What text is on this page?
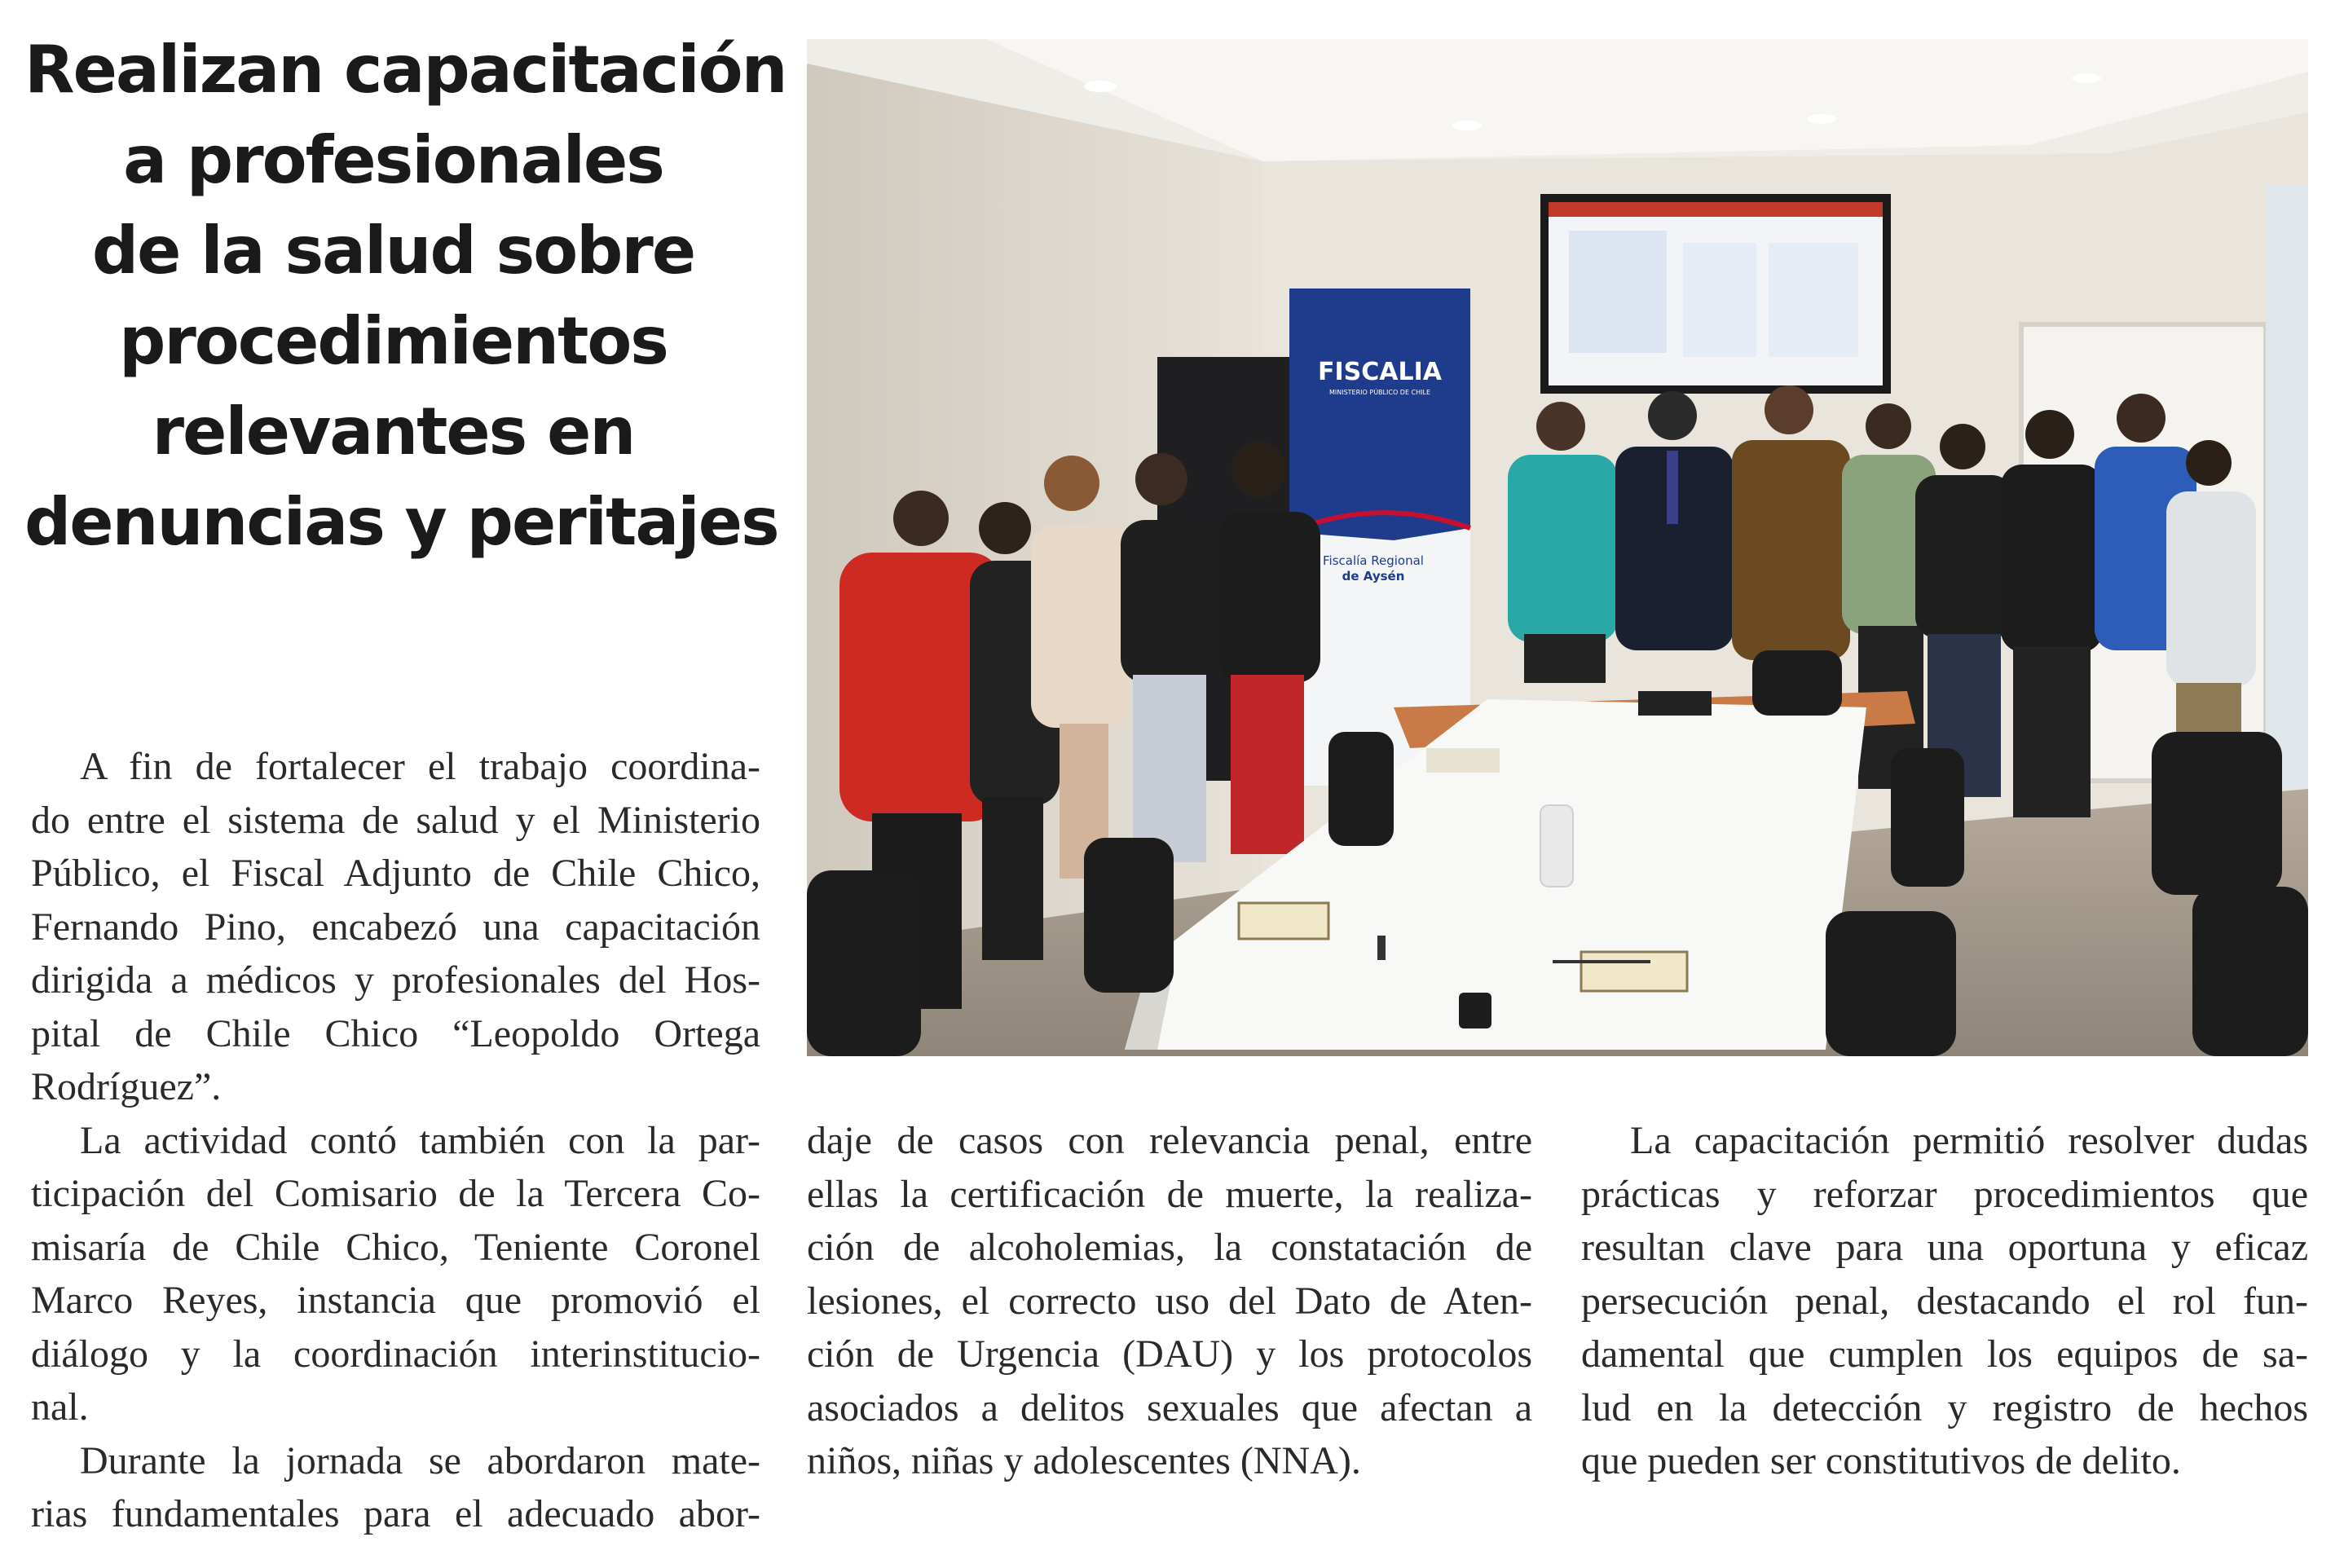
Realizan capacitación
a profesionales
de la salud sobre
procedimientos
relevantes en
denuncias y peritajes
FISCALIA
MINISTERIO PÚBLICO DE CHILE
Fiscalía Regional
de Aysén
A fin de fortalecer el trabajo coordina-
do entre el sistema de salud y el Ministerio
Público, el Fiscal Adjunto de Chile Chico,
Fernando Pino, encabezó una capacitación
dirigida a médicos y profesionales del Hos-
pital de Chile Chico “Leopoldo Ortega
Rodríguez”.
La actividad contó también con la par-
ticipación del Comisario de la Tercera Co-
misaría de Chile Chico, Teniente Coronel
Marco Reyes, instancia que promovió el
diálogo y la coordinación interinstitucio-
nal.
Durante la jornada se abordaron mate-
rias fundamentales para el adecuado abor-
daje de casos con relevancia penal, entre
ellas la certificación de muerte, la realiza-
ción de alcoholemias, la constatación de
lesiones, el correcto uso del Dato de Aten-
ción de Urgencia (DAU) y los protocolos
asociados a delitos sexuales que afectan a
niños, niñas y adolescentes (NNA).
La capacitación permitió resolver dudas
prácticas y reforzar procedimientos que
resultan clave para una oportuna y eficaz
persecución penal, destacando el rol fun-
damental que cumplen los equipos de sa-
lud en la detección y registro de hechos
que pueden ser constitutivos de delito.
